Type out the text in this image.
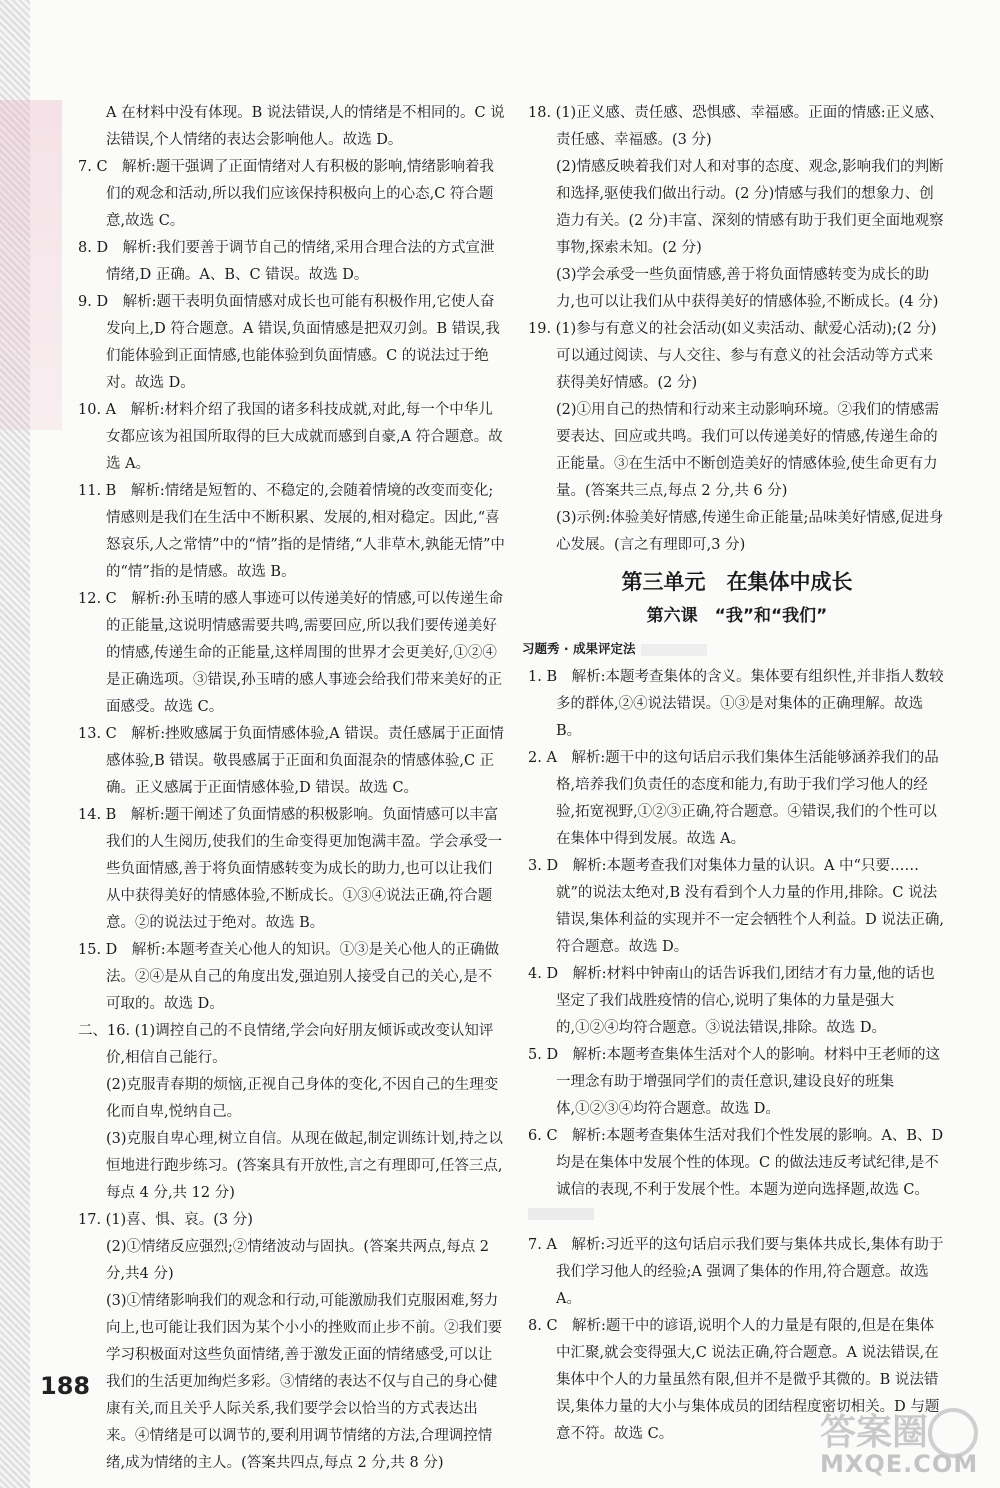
A 在材料中没有体现。B 说法错误,人的情绪是不相同的。C 说法错误,个人情绪的表达会影响他人。故选 D。

7. C　解析:题干强调了正面情绪对人有积极的影响,情绪影响着我们的观念和活动,所以我们应该保持积极向上的心态,C 符合题意,故选 C。

8. D　解析:我们要善于调节自己的情绪,采用合理合法的方式宣泄情绪,D 正确。A、B、C 错误。故选 D。

9. D　解析:题干表明负面情感对成长也可能有积极作用,它使人奋发向上,D 符合题意。A 错误,负面情感是把双刃剑。B 错误,我们能体验到正面情感,也能体验到负面情感。C 的说法过于绝对。故选 D。

10. A　解析:材料介绍了我国的诸多科技成就,对此,每一个中华儿女都应该为祖国所取得的巨大成就而感到自豪,A 符合题意。故选 A。

11. B　解析:情绪是短暂的、不稳定的,会随着情境的改变而变化;情感则是我们在生活中不断积累、发展的,相对稳定。因此,“喜怒哀乐,人之常情”中的“情”指的是情绪,“人非草木,孰能无情”中的“情”指的是情感。故选 B。

12. C　解析:孙玉晴的感人事迹可以传递美好的情感,可以传递生命的正能量,这说明情感需要共鸣,需要回应,所以我们要传递美好的情感,传递生命的正能量,这样周围的世界才会更美好,①②④是正确选项。③错误,孙玉晴的感人事迹会给我们带来美好的正面感受。故选 C。

13. C　解析:挫败感属于负面情感体验,A 错误。责任感属于正面情感体验,B 错误。敬畏感属于正面和负面混杂的情感体验,C 正确。正义感属于正面情感体验,D 错误。故选 C。

14. B　解析:题干阐述了负面情感的积极影响。负面情感可以丰富我们的人生阅历,使我们的生命变得更加饱满丰盈。学会承受一些负面情感,善于将负面情感转变为成长的助力,也可以让我们从中获得美好的情感体验,不断成长。①③④说法正确,符合题意。②的说法过于绝对。故选 B。

15. D　解析:本题考查关心他人的知识。①③是关心他人的正确做法。②④是从自己的角度出发,强迫别人接受自己的关心,是不可取的。故选 D。

二、16. (1)调控自己的不良情绪,学会向好朋友倾诉或改变认知评价,相信自己能行。

(2)克服青春期的烦恼,正视自己身体的变化,不因自己的生理变化而自卑,悦纳自己。

(3)克服自卑心理,树立自信。从现在做起,制定训练计划,持之以恒地进行跑步练习。(答案具有开放性,言之有理即可,任答三点,每点 4 分,共 12 分)

17. (1)喜、惧、哀。(3 分)

(2)①情绪反应强烈;②情绪波动与固执。(答案共两点,每点 2 分,共4 分)

(3)①情绪影响我们的观念和行动,可能激励我们克服困难,努力向上,也可能让我们因为某个小小的挫败而止步不前。②我们要学习积极面对这些负面情绪,善于激发正面的情绪感受,可以让我们的生活更加绚烂多彩。③情绪的表达不仅与自己的身心健康有关,而且关乎人际关系,我们要学会以恰当的方式表达出来。④情绪是可以调节的,要利用调节情绪的方法,合理调控情绪,成为情绪的主人。(答案共四点,每点 2 分,共 8 分)

18. (1)正义感、责任感、恐惧感、幸福感。正面的情感:正义感、责任感、幸福感。(3 分)

(2)情感反映着我们对人和对事的态度、观念,影响我们的判断和选择,驱使我们做出行动。(2 分)情感与我们的想象力、创造力有关。(2 分)丰富、深刻的情感有助于我们更全面地观察事物,探索未知。(2 分)

(3)学会承受一些负面情感,善于将负面情感转变为成长的助力,也可以让我们从中获得美好的情感体验,不断成长。(4 分)

19. (1)参与有意义的社会活动(如义卖活动、献爱心活动);(2 分)可以通过阅读、与人交往、参与有意义的社会活动等方式来获得美好情感。(2 分)

(2)①用自己的热情和行动来主动影响环境。②我们的情感需要表达、回应或共鸣。我们可以传递美好的情感,传递生命的正能量。③在生活中不断创造美好的情感体验,使生命更有力量。(答案共三点,每点 2 分,共 6 分)

(3)示例:体验美好情感,传递生命正能量;品味美好情感,促进身心发展。(言之有理即可,3 分)

第三单元　在集体中成长
第六课　“我”和“我们”
习题秀 · 成果评定法

1. B　解析:本题考查集体的含义。集体要有组织性,并非指人数较多的群体,②④说法错误。①③是对集体的正确理解。故选 B。

2. A　解析:题干中的这句话启示我们集体生活能够涵养我们的品格,培养我们负责任的态度和能力,有助于我们学习他人的经验,拓宽视野,①②③正确,符合题意。④错误,我们的个性可以在集体中得到发展。故选 A。

3. D　解析:本题考查我们对集体力量的认识。A 中“只要……就”的说法太绝对,B 没有看到个人力量的作用,排除。C 说法错误,集体利益的实现并不一定会牺牲个人利益。D 说法正确,符合题意。故选 D。

4. D　解析:材料中钟南山的话告诉我们,团结才有力量,他的话也坚定了我们战胜疫情的信心,说明了集体的力量是强大的,①②④均符合题意。③说法错误,排除。故选 D。

5. D　解析:本题考查集体生活对个人的影响。材料中王老师的这一理念有助于增强同学们的责任意识,建设良好的班集体,①②③④均符合题意。故选 D。

6. C　解析:本题考查集体生活对我们个性发展的影响。A、B、D 均是在集体中发展个性的体现。C 的做法违反考试纪律,是不诚信的表现,不利于发展个性。本题为逆向选择题,故选 C。

7. A　解析:习近平的这句话启示我们要与集体共成长,集体有助于我们学习他人的经验;A 强调了集体的作用,符合题意。故选 A。

8. C　解析:题干中的谚语,说明个人的力量是有限的,但是在集体中汇聚,就会变得强大,C 说法正确,符合题意。A 说法错误,在集体中个人的力量虽然有限,但并不是微乎其微的。B 说法错误,集体力量的大小与集体成员的团结程度密切相关。D 与题意不符。故选 C。

188
答案圈
MXQE.COM
